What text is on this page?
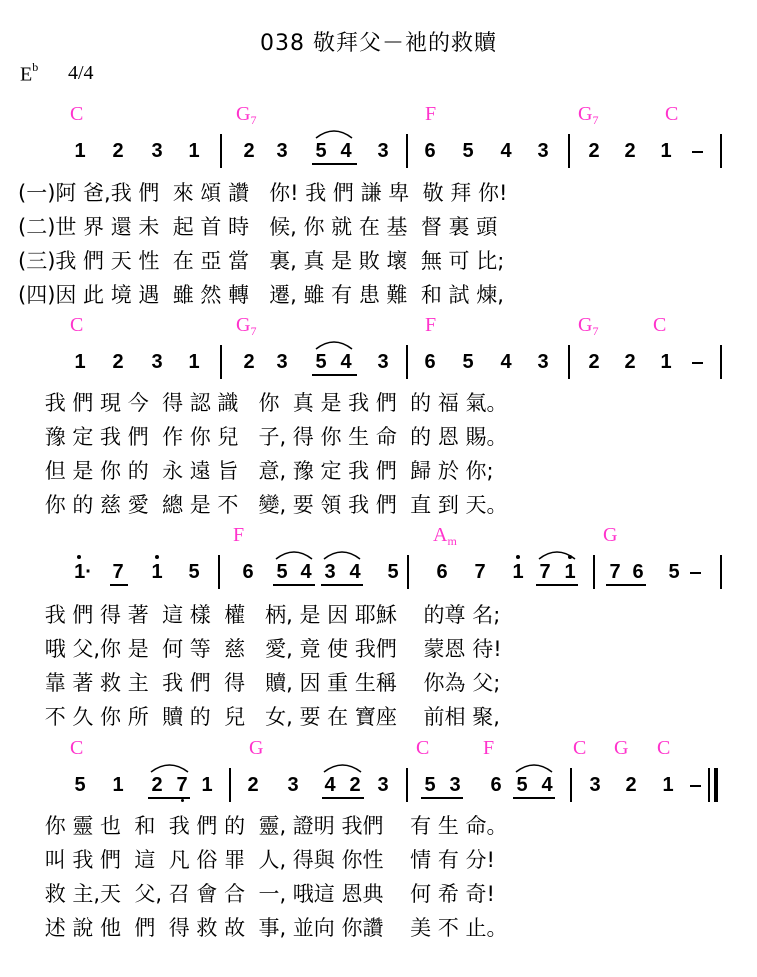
038 敬拜父－祂的救贖
$E^b$ 4/4
C	$G_7$	F	$G_7$	C
C	$G_7$	F	$G_7$	C
F	$A_m$	G
C	G	C	F	C G C
1 2 3 1 2 3 5 4 3 6 5 4 3 2 2 1
1 2 3 1 2 3 5 4 3 6 5 4 3 2 2 1
1· 7 1 5 6 5 4 3 4 5 6 7 1 7 1 7 6 5
5 1 2 7 1 2 3 4 2 3 5 3 6 5 4 3 2 1
(一)阿 爸,我 們  來 頌 讚   你! 我 們 謙 卑  敬 拜 你!
(二)世 界 還 未  起 首 時   候, 你 就 在 基  督 裏 頭
(三)我 們 天 性  在 亞 當   裏, 真 是 敗 壞  無 可 比;
(四)因 此 境 遇  雖 然 轉   遷, 雖 有 患 難  和 試 煉,
我 們 現 今  得 認 識   你  真 是 我 們  的 福 氣。
豫 定 我 們  作 你 兒   子, 得 你 生 命  的 恩 賜。
但 是 你 的  永 遠 旨   意, 豫 定 我 們  歸 於 你;
你 的 慈 愛  總 是 不   變, 要 領 我 們  直 到 天。
我 們 得 著  這 樣  權   柄, 是 因 耶穌    的尊 名;
哦 父,你 是  何 等  慈   愛, 竟 使 我們    蒙恩 待!
靠 著 救 主  我 們  得   贖, 因 重 生稱    你為 父;
不 久 你 所  贖 的  兒   女, 要 在 寶座    前相 聚,
你 靈 也  和  我 們 的  靈, 證明 我們    有 生 命。
叫 我 們  這  凡 俗 罪  人, 得與 你性    情 有 分!
救 主,天  父, 召 會 合  一, 哦這 恩典    何 希 奇!
述 說 他  們  得 救 故  事, 並向 你讚    美 不 止。
